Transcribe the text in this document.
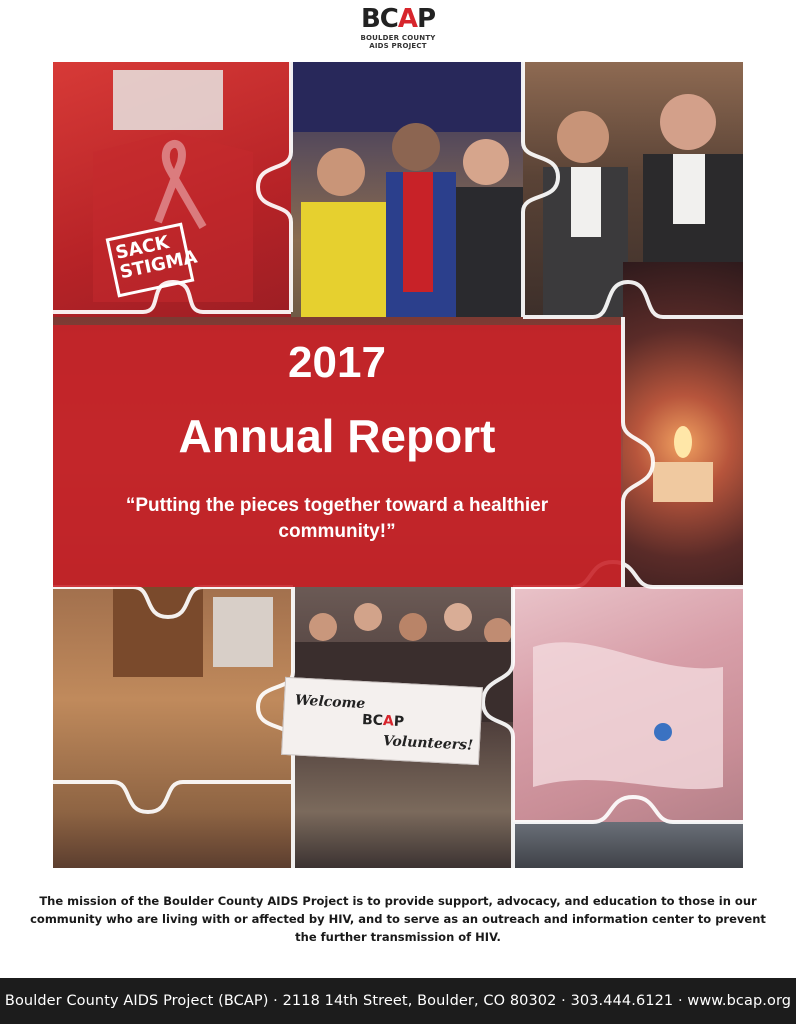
BCAP
BOULDER COUNTY
AIDS PROJECT
SACK STIGMA
Welcome
BCAP
Volunteers!
2017
Annual Report
“Putting the pieces together toward a healthier community!”
The mission of the Boulder County AIDS Project is to provide support, advocacy, and education to those in our community who are living with or affected by HIV, and to serve as an outreach and information center to prevent the further transmission of HIV.
Boulder County AIDS Project (BCAP) · 2118 14th Street, Boulder, CO 80302 · 303.444.6121 · www.bcap.org
